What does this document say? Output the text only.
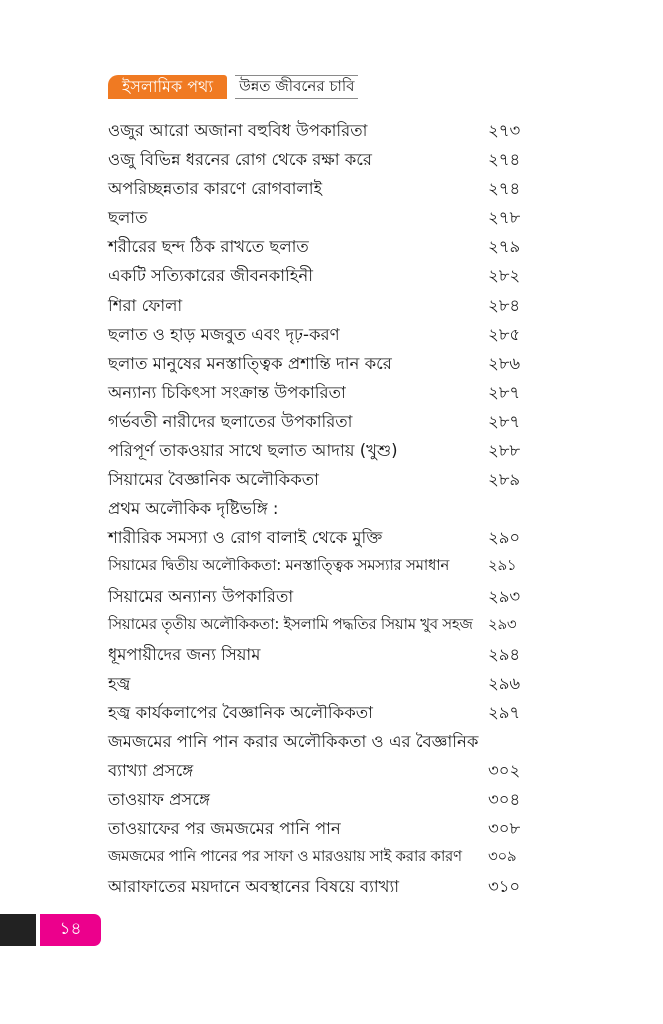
ইসলামিক পথ্য	উন্নত জীবনের চাবি
ওজুর আরো অজানা বহুবিধ উপকারিতা	২৭৩
ওজু বিভিন্ন ধরনের রোগ থেকে রক্ষা করে	২৭৪
অপরিচ্ছন্নতার কারণে রোগবালাই	২৭৪
ছলাত	২৭৮
শরীরের ছন্দ ঠিক রাখতে ছলাত	২৭৯
একটি সত্যিকারের জীবনকাহিনী	২৮২
শিরা ফোলা	২৮৪
ছলাত ও হাড় মজবুত এবং দৃঢ়-করণ	২৮৫
ছলাত মানুষের মনস্তাত্ত্বিক প্রশান্তি দান করে	২৮৬
অন্যান্য চিকিৎসা সংক্রান্ত উপকারিতা	২৮৭
গর্ভবতী নারীদের ছলাতের উপকারিতা	২৮৭
পরিপূর্ণ তাকওয়ার সাথে ছলাত আদায় (খুশু)	২৮৮
সিয়ামের বৈজ্ঞানিক অলৌকিকতা	২৮৯
প্রথম অলৌকিক দৃষ্টিভঙ্গি :
শারীরিক সমস্যা ও রোগ বালাই থেকে মুক্তি	২৯০
সিয়ামের দ্বিতীয় অলৌকিকতা: মনস্তাত্ত্বিক সমস্যার সমাধান	২৯১
সিয়ামের অন্যান্য উপকারিতা	২৯৩
সিয়ামের তৃতীয় অলৌকিকতা: ইসলামি পদ্ধতির সিয়াম খুব সহজ ২৯৩
ধূমপায়ীদের জন্য সিয়াম	২৯৪
হজ্ব	২৯৬
হজ্ব কার্যকলাপের বৈজ্ঞানিক অলৌকিকতা	২৯৭
জমজমের পানি পান করার অলৌকিকতা ও এর বৈজ্ঞানিক
ব্যাখ্যা প্রসঙ্গে	৩০২
তাওয়াফ প্রসঙ্গে	৩০৪
তাওয়াফের পর জমজমের পানি পান	৩০৮
জমজমের পানি পানের পর সাফা ও মারওয়ায় সাই করার কারণ ৩০৯
আরাফাতের ময়দানে অবস্থানের বিষয়ে ব্যাখ্যা	৩১০
১৪
